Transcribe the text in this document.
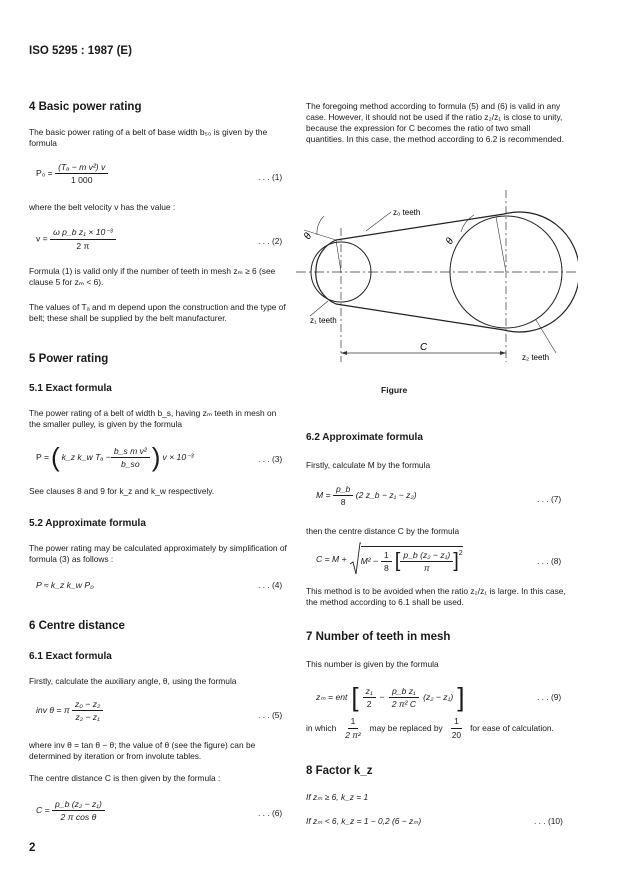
ISO 5295 : 1987 (E)
4 Basic power rating
The basic power rating of a belt of base width b₅₀ is given by the formula
$P_0 = \frac{\text{(Tₐ − m v²) v}}{1 000}$	. . . (1)
where the belt velocity v has the value :
$v = \frac{\text{ω p\_b z₁ × 10⁻³}}{2 \pi}$	. . . (2)
Formula (1) is valid only if the number of teeth in mesh zₘ ≥ 6 (see clause 5 for zₘ < 6).
The values of Tₐ and m depend upon the construction and the type of belt; these shall be supplied by the belt manufacturer.
5 Power rating
5.1 Exact formula
The power rating of a belt of width b_s, having zₘ teeth in mesh on the smaller pulley, is given by the formula
P = ( k_z k_w $T_a - \frac{\text{b\_s m v²}}{b\_so}$ ) v × 10⁻³	. . . (3)
See clauses 8 and 9 for k_z and k_w respectively.
5.2 Approximate formula
The power rating may be calculated approximately by simplification of formula (3) as follows :
P ≈ k_z k_w P₀	. . . (4)
6 Centre distance
6.1 Exact formula
Firstly, calculate the auxiliary angle, θ, using the formula
inv θ = π $\frac{\text{z₀ − z₂}}{\text{z₂ − z₁}}$	. . . (5)
where inv θ = tan θ − θ; the value of θ (see the figure) can be determined by iteration or from involute tables.
The centre distance C is then given by the formula :
$C = \frac{\text{p\_b (z₂ − z₁)}}{\text{2 π cos θ}}$	. . . (6)
2
The foregoing method according to formula (5) and (6) is valid in any case. However, it should not be used if the ratio z₂/z₁ is close to unity, because the expression for C becomes the ratio of two small quantities. In this case, the method according to 6.2 is recommended.
θ	θ
z₀ teeth
z₁ teeth
z₂ teeth
C
Figure
6.2 Approximate formula
Firstly, calculate M by the formula
$M = \frac{p\_b}{8} (2$ z_b − z₁ − z₂)	. . . (7)
then the centre distance C by the formula
$C = M + M^2 - \frac{1}{8}$ [ $\frac{\text{p\_b (z₂ − z₁)}}{\pi}$ ] 2
. . . (8)
This method is to be avoided when the ratio z₂/z₁ is large. In this case, the method according to 6.1 shall be used.
7 Number of teeth in mesh
This number is given by the formula
zₘ = ent [ $\frac{\text{z₁}}{2} - \frac{\text{p\_b z₁}}{\text{2 π² C}} (z_2 - z_1)$ ]	. . . (9)
in which $\frac{1}{\text{2 π²}}$ may be replaced by $\frac{1}{20}$ for ease of calculation.
8 Factor k_z
If zₘ ≥ 6, k_z = 1
If zₘ < 6, k_z = 1 − 0,2 (6 − zₘ)	. . . (10)
